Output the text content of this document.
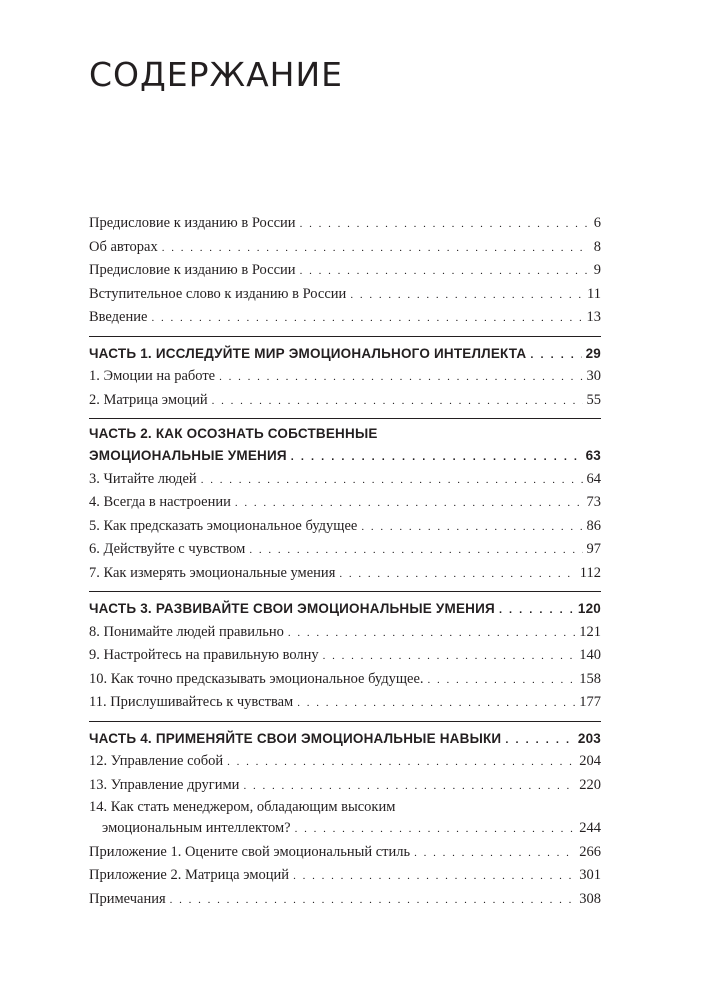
СОДЕРЖАНИЕ
Предисловие к изданию в России . . .	6
Об авторах . . .	8
Предисловие к изданию в России . . .	9
Вступительное слово к изданию в России . . .	11
Введение . . .	13
ЧАСТЬ 1. ИССЛЕДУЙТЕ МИР ЭМОЦИОНАЛЬНОГО ИНТЕЛЛЕКТА . . .	29
1. Эмоции на работе . . .	30
2. Матрица эмоций . . .	55
ЧАСТЬ 2. КАК ОСОЗНАТЬ СОБСТВЕННЫЕ
ЭМОЦИОНАЛЬНЫЕ УМЕНИЯ . . .	63
3. Читайте людей . . .	64
4. Всегда в настроении . . .	73
5. Как предсказать эмоциональное будущее . . .	86
6. Действуйте с чувством . . .	97
7. Как измерять эмоциональные умения . . .	112
ЧАСТЬ 3. РАЗВИВАЙТЕ СВОИ ЭМОЦИОНАЛЬНЫЕ УМЕНИЯ . . .	120
8. Понимайте людей правильно . . .	121
9. Настройтесь на правильную волну . . .	140
10. Как точно предсказывать эмоциональное будущее. . . .	158
11. Прислушивайтесь к чувствам . . .	177
ЧАСТЬ 4. ПРИМЕНЯЙТЕ СВОИ ЭМОЦИОНАЛЬНЫЕ НАВЫКИ . . .	203
12. Управление собой . . .	204
13. Управление другими . . .	220
14. Как стать менеджером, обладающим высоким
эмоциональным интеллектом? . . .	244
Приложение 1. Оцените свой эмоциональный стиль . . .	266
Приложение 2. Матрица эмоций . . .	301
Примечания . . .	308
